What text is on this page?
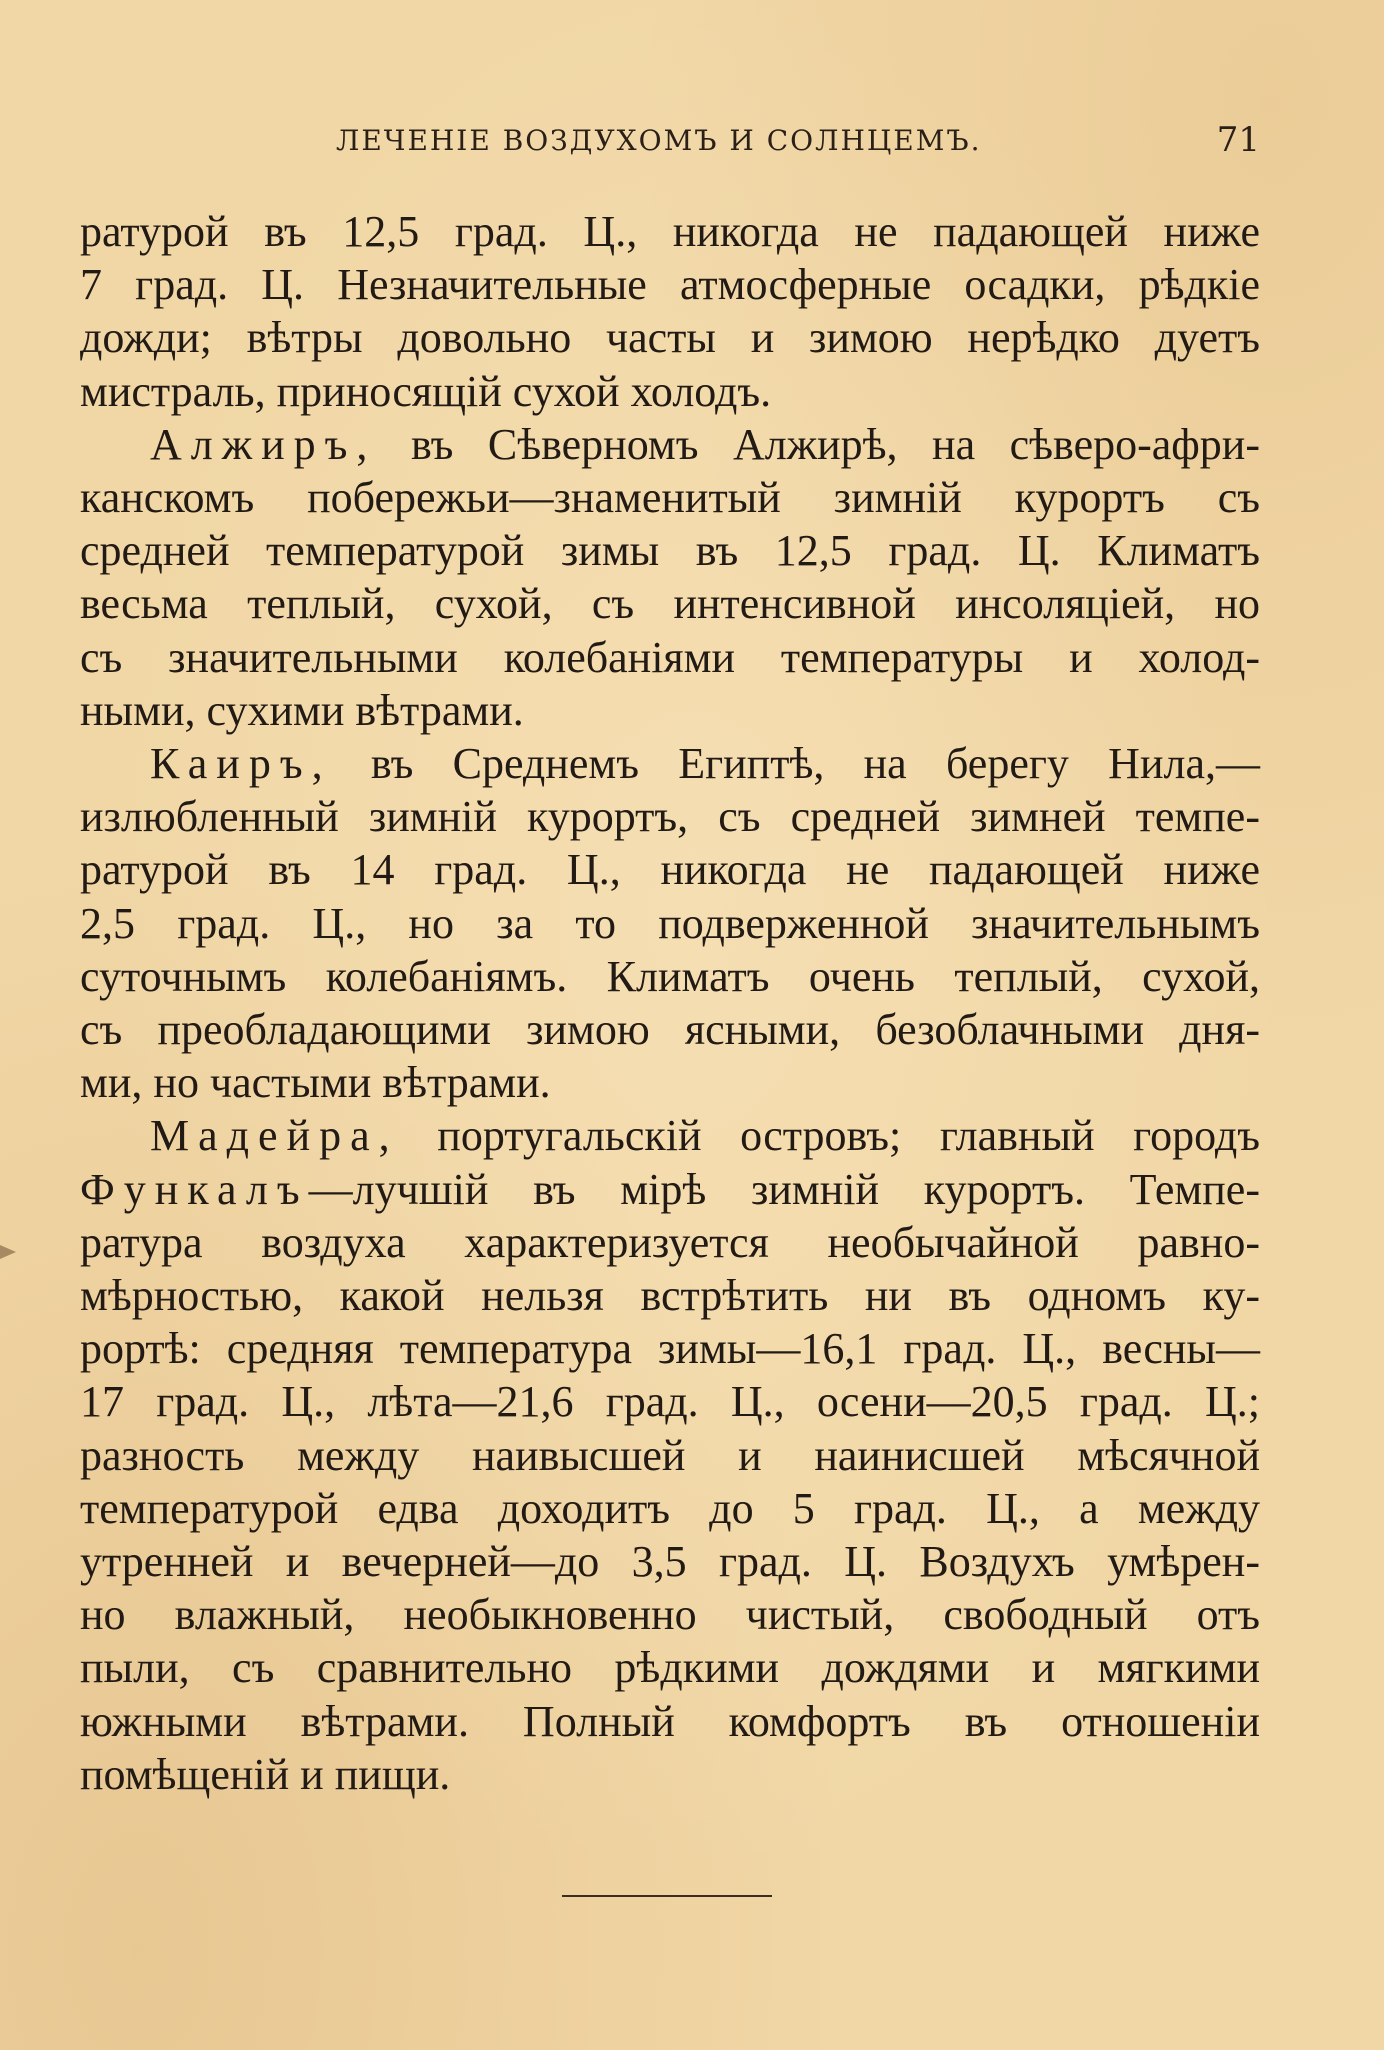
ЛЕЧЕНІЕ ВОЗДУХОМЪ И СОЛНЦЕМЪ.	71

ратурой въ 12,5 град. Ц., никогда не падающей ниже
7 град. Ц. Незначительные атмосферные осадки, рѣдкіе
дожди; вѣтры довольно часты и зимою нерѣдко дуетъ
мистраль, приносящій сухой холодъ.

Алжиръ, въ Сѣверномъ Алжирѣ, на сѣверо-афри-
канскомъ побережьи—знаменитый зимній курортъ съ
средней температурой зимы въ 12,5 град. Ц. Климатъ
весьма теплый, сухой, съ интенсивной инсоляціей, но
съ значительными колебаніями температуры и холод-
ными, сухими вѣтрами.

Каиръ, въ Среднемъ Египтѣ, на берегу Нила,—
излюбленный зимній курортъ, съ средней зимней темпе-
ратурой въ 14 град. Ц., никогда не падающей ниже
2,5 град. Ц., но за то подверженной значительнымъ
суточнымъ колебаніямъ. Климатъ очень теплый, сухой,
съ преобладающими зимою ясными, безоблачными дня-
ми, но частыми вѣтрами.

Мадейра, португальскій островъ; главный городъ
Функалъ—лучшій въ мірѣ зимній курортъ. Темпе-
ратура воздуха характеризуется необычайной равно-
мѣрностью, какой нельзя встрѣтить ни въ одномъ ку-
рортѣ: средняя температура зимы—16,1 град. Ц., весны—
17 град. Ц., лѣта—21,6 град. Ц., осени—20,5 град. Ц.;
разность между наивысшей и наинисшей мѣсячной
температурой едва доходитъ до 5 град. Ц., а между
утренней и вечерней—до 3,5 град. Ц. Воздухъ умѣрен-
но влажный, необыкновенно чистый, свободный отъ
пыли, съ сравнительно рѣдкими дождями и мягкими
южными вѣтрами. Полный комфортъ въ отношеніи
помѣщеній и пищи.
